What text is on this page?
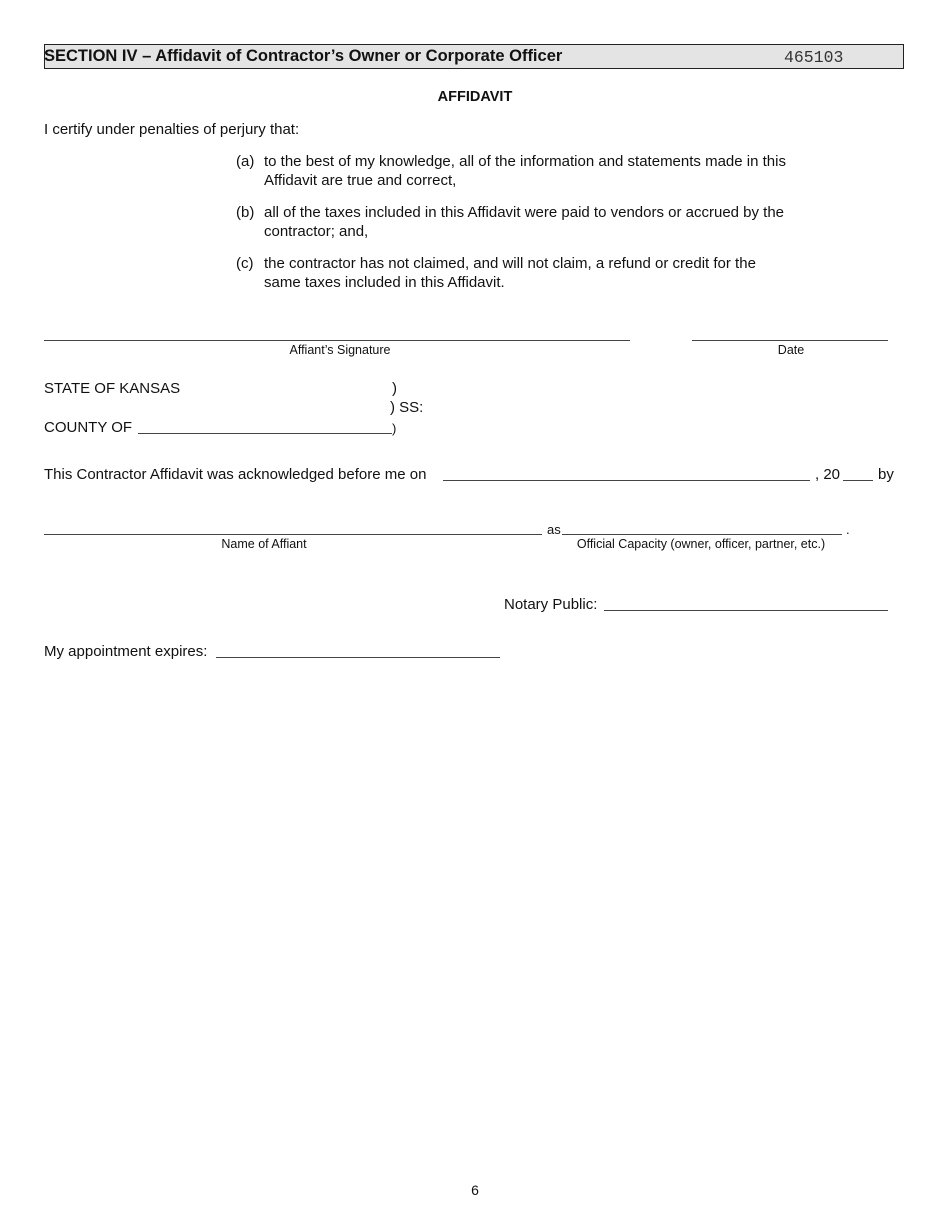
SECTION IV – Affidavit of Contractor’s Owner or Corporate Officer	465103
AFFIDAVIT
I certify under penalties of perjury that:
(a) to the best of my knowledge, all of the information and statements made in this
Affidavit are true and correct,
(b) all of the taxes included in this Affidavit were paid to vendors or accrued by the
contractor; and,
(c) the contractor has not claimed, and will not claim, a refund or credit for the
same taxes included in this Affidavit.
Affiant’s Signature	Date
STATE OF KANSAS	)
) SS:
COUNTY OF	)
This Contractor Affidavit was acknowledged before me on	, 20	by
as	.
Name of Affiant	Official Capacity (owner, officer, partner, etc.)
Notary Public:
My appointment expires:
6
